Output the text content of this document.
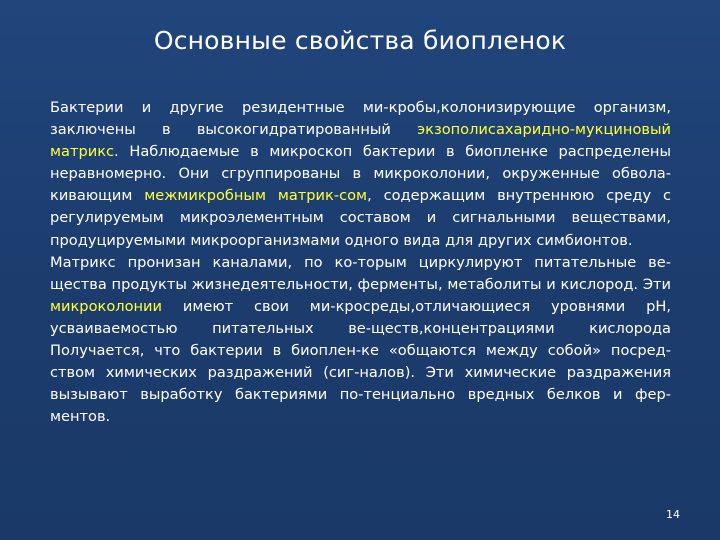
Основные свойства биопленок

Бактерии и другие резидентные ми-кробы,колонизирующие организм, заключены в высокогидратированный экзополисахаридно-мукциновый матрикс. Наблюдаемые в микроскоп бактерии в биопленке распределены неравномерно. Они сгруппированы в микроколонии, окруженные обвола-кивающим межмикробным матрик-сом, содержащим внутреннюю среду с регулируемым микроэлементным составом и сигнальными веществами, продуцируемыми микроорганизмами одного вида для других симбионтов.

Матрикс пронизан каналами, по ко-торым циркулируют питательные ве-щества продукты жизнедеятельности, ферменты, метаболиты и кислород. Эти микроколонии имеют свои ми-кросреды,отличающиеся уровнями pH, усваиваемостью питательных ве-ществ,концентрациями кислорода Получается, что бактерии в биоплен-ке «общаются между собой» посред-ством химических раздражений (сиг-налов). Эти химические раздражения вызывают выработку бактериями по-тенциально вредных белков и фер-ментов.

14
